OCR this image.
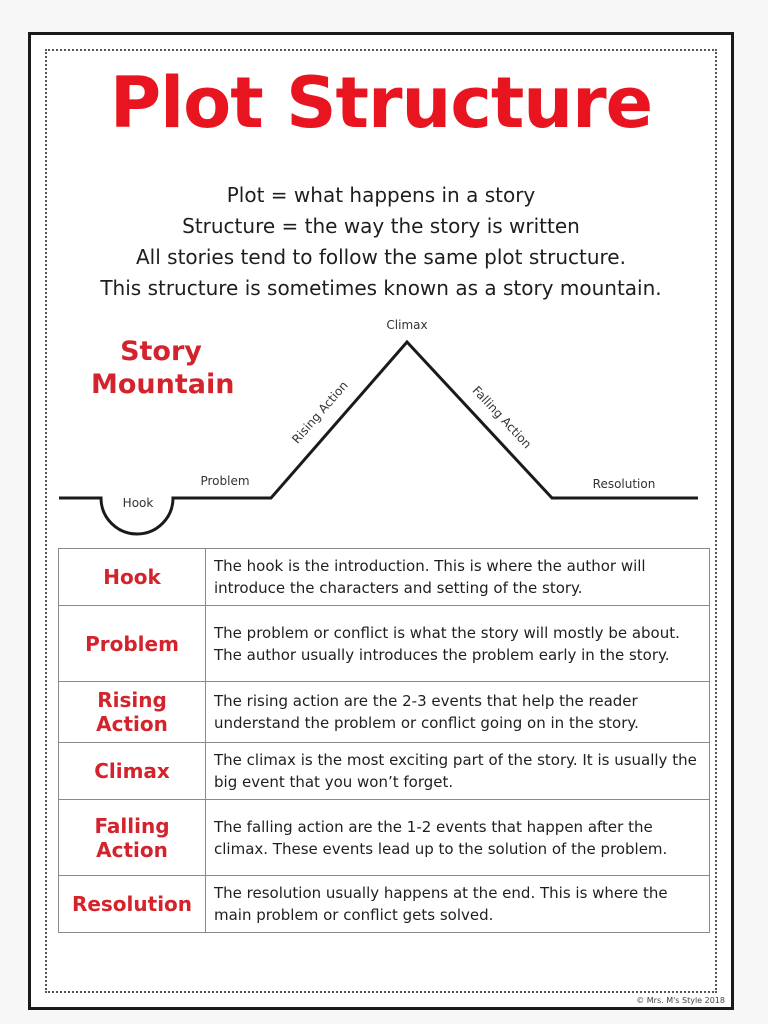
Plot Structure
Plot = what happens in a story
Structure = the way the story is written
All stories tend to follow the same plot structure.
This structure is sometimes known as a story mountain.
Story
Mountain
Climax
Rising Action	Falling Action
Problem	Resolution
Hook
Hook	The hook is the introduction. This is where the author will introduce the characters and setting of the story.
Problem	The problem or conflict is what the story will mostly be about. The author usually introduces the problem early in the story.
Rising Action	The rising action are the 2-3 events that help the reader understand the problem or conflict going on in the story.
Climax	The climax is the most exciting part of the story. It is usually the big event that you won’t forget.
Falling Action	The falling action are the 1-2 events that happen after the climax. These events lead up to the solution of the problem.
Resolution	The resolution usually happens at the end. This is where the main problem or conflict gets solved.
© Mrs. M's Style 2018
